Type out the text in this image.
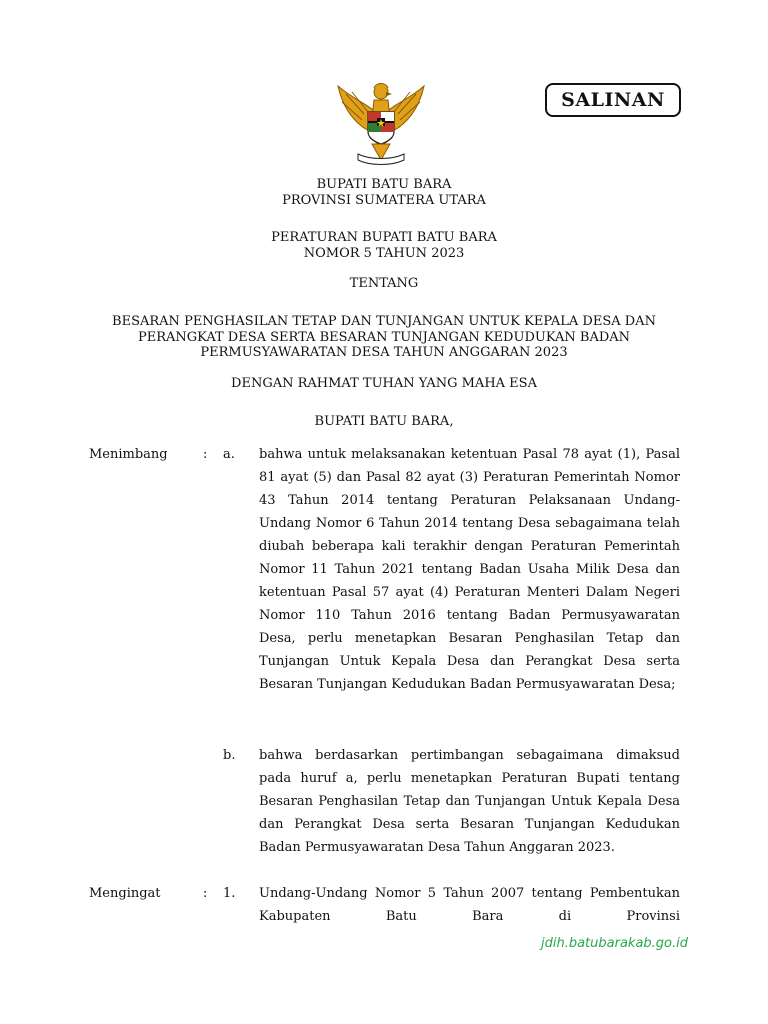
SALINAN

BUPATI BATU BARA

PROVINSI SUMATERA UTARA

PERATURAN BUPATI BATU BARA

NOMOR 5 TAHUN 2023

TENTANG

BESARAN PENGHASILAN TETAP DAN TUNJANGAN UNTUK KEPALA DESA DAN

PERANGKAT DESA SERTA BESARAN TUNJANGAN KEDUDUKAN BADAN

PERMUSYAWARATAN DESA TAHUN ANGGARAN 2023

DENGAN RAHMAT TUHAN YANG MAHA ESA

BUPATI BATU BARA,

Menimbang	: a. bahwa untuk melaksanakan ketentuan Pasal 78 ayat (1), Pasal 81 ayat (5) dan Pasal 82 ayat (3) Peraturan Pemerintah Nomor 43 Tahun 2014 tentang Peraturan Pelaksanaan Undang- Undang Nomor 6 Tahun 2014 tentang Desa sebagaimana telah diubah beberapa kali terakhir dengan Peraturan Pemerintah Nomor 11 Tahun 2021 tentang Badan Usaha Milik Desa dan ketentuan Pasal 57 ayat (4) Peraturan Menteri Dalam Negeri Nomor 110 Tahun 2016 tentang Badan Permusyawaratan Desa, perlu menetapkan Besaran Penghasilan Tetap dan Tunjangan Untuk Kepala Desa dan Perangkat Desa serta Besaran Tunjangan Kedudukan Badan Permusyawaratan Desa;

b. bahwa berdasarkan pertimbangan sebagaimana dimaksud pada huruf a, perlu menetapkan Peraturan Bupati tentang Besaran Penghasilan Tetap dan Tunjangan Untuk Kepala Desa dan Perangkat Desa serta Besaran Tunjangan Kedudukan Badan Permusyawaratan Desa Tahun Anggaran 2023.

Mengingat	: 1. Undang-Undang Nomor 5 Tahun 2007 tentang Pembentukan Kabupaten Batu Bara di Provinsi

jdih.batubarakab.go.id
